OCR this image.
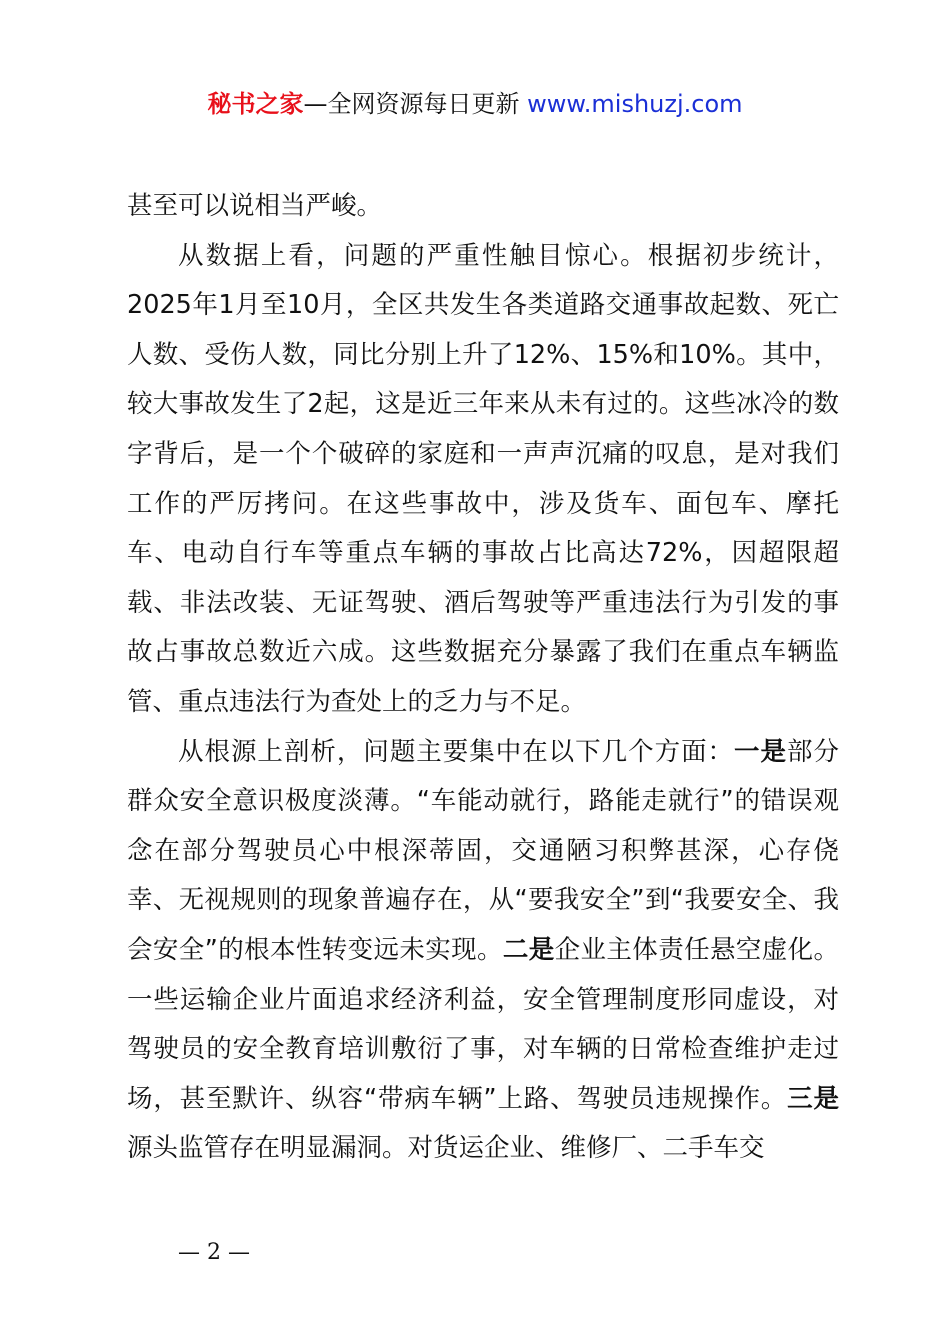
秘书之家—全网资源每日更新 www.mishuzj.com

甚至可以说相当严峻。

从数据上看，问题的严重性触目惊心。根据初步统计，2025年1月至10月，全区共发生各类道路交通事故起数、死亡人数、受伤人数，同比分别上升了12%、15%和10%。其中，较大事故发生了2起，这是近三年来从未有过的。这些冰冷的数字背后，是一个个破碎的家庭和一声声沉痛的叹息，是对我们工作的严厉拷问。在这些事故中，涉及货车、面包车、摩托车、电动自行车等重点车辆的事故占比高达72%，因超限超载、非法改装、无证驾驶、酒后驾驶等严重违法行为引发的事故占事故总数近六成。这些数据充分暴露了我们在重点车辆监管、重点违法行为查处上的乏力与不足。

从根源上剖析，问题主要集中在以下几个方面：一是部分群众安全意识极度淡薄。“车能动就行，路能走就行”的错误观念在部分驾驶员心中根深蒂固，交通陋习积弊甚深，心存侥幸、无视规则的现象普遍存在，从“要我安全”到“我要安全、我会安全”的根本性转变远未实现。二是企业主体责任悬空虚化。一些运输企业片面追求经济利益，安全管理制度形同虚设，对驾驶员的安全教育培训敷衍了事，对车辆的日常检查维护走过场，甚至默许、纵容“带病车辆”上路、驾驶员违规操作。三是源头监管存在明显漏洞。对货运企业、维修厂、二手车交

— 2 —
